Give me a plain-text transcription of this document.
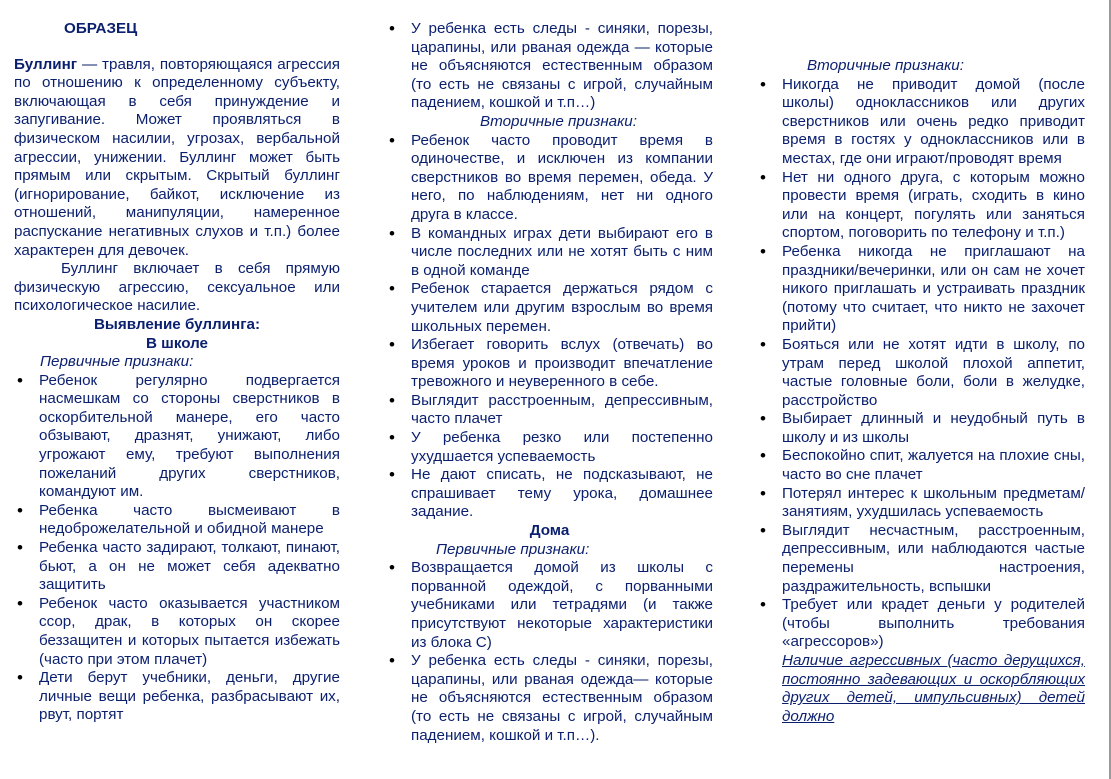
ОБРАЗЕЦ

Буллинг — травля, повторяющаяся агрессия по отношению к определенному субъекту, включающая в себя принуждение и запугивание. Может проявляться в физическом насилии, угрозах, вербальной агрессии, унижении. Буллинг может быть прямым или скрытым. Скрытый буллинг (игнорирование, байкот, исключение из отношений, манипуляции, намеренное распускание негативных слухов и т.п.) более характерен для девочек.

Буллинг включает в себя прямую физическую агрессию, сексуальное или психологическое насилие.

Выявление буллинга:
В школе
Первичные признаки:
• Ребенок регулярно подвергается насмешкам со стороны сверстников в оскорбительной манере, его часто обзывают, дразнят, унижают, либо угрожают ему, требуют выполнения пожеланий других сверстников, командуют им.
• Ребенка часто высмеивают в недоброжелательной и обидной манере
• Ребенка часто задирают, толкают, пинают, бьют, а он не может себя адекватно защитить
• Ребенок часто оказывается участником ссор, драк, в которых он скорее беззащитен и которых пытается избежать (часто при этом плачет)
• Дети берут учебники, деньги, другие личные вещи ребенка, разбрасывают их, рвут, портят
• У ребенка есть следы - синяки, порезы, царапины, или рваная одежда — которые не объясняются естественным образом (то есть не связаны с игрой, случайным падением, кошкой и т.п…)
Вторичные признаки:
• Ребенок часто проводит время в одиночестве, и исключен из компании сверстников во время перемен, обеда. У него, по наблюдениям, нет ни одного друга в классе.
• В командных играх дети выбирают его в числе последних или не хотят быть с ним в одной команде
• Ребенок старается держаться рядом с учителем или другим взрослым во время школьных перемен.
• Избегает говорить вслух (отвечать) во время уроков и производит впечатление тревожного и неуверенного в себе.
• Выглядит расстроенным, депрессивным, часто плачет
• У ребенка резко или постепенно ухудшается успеваемость
• Не дают списать, не подсказывают, не спрашивает тему урока, домашнее задание.
Дома
Первичные признаки:
• Возвращается домой из школы с порванной одеждой, с порванными учебниками или тетрадями (и также присутствуют некоторые характеристики из блока С)
• У ребенка есть следы - синяки, порезы, царапины, или рваная одежда— которые не объясняются естественным образом (то есть не связаны с игрой, случайным падением, кошкой и т.п…).
Вторичные признаки:
• Никогда не приводит домой (после школы) одноклассников или других сверстников или очень редко приводит время в гостях у одноклассников или в местах, где они играют/проводят время
• Нет ни одного друга, с которым можно провести время (играть, сходить в кино или на концерт, погулять или заняться спортом, поговорить по телефону и т.п.)
• Ребенка никогда не приглашают на праздники/вечеринки, или он сам не хочет никого приглашать и устраивать праздник (потому что считает, что никто не захочет прийти)
• Бояться или не хотят идти в школу, по утрам перед школой плохой аппетит, частые головные боли, боли в желудке, расстройство
• Выбирает длинный и неудобный путь в школу и из школы
• Беспокойно спит, жалуется на плохие сны, часто во сне плачет
• Потерял интерес к школьным предметам/занятиям, ухудшилась успеваемость
• Выглядит несчастным, расстроенным, депрессивным, или наблюдаются частые перемены настроения, раздражительность, вспышки
• Требует или крадет деньги у родителей (чтобы выполнить требования «агрессоров»)

Наличие агрессивных (часто дерущихся, постоянно задевающих и оскорбляющих других детей, импульсивных) детей должно
